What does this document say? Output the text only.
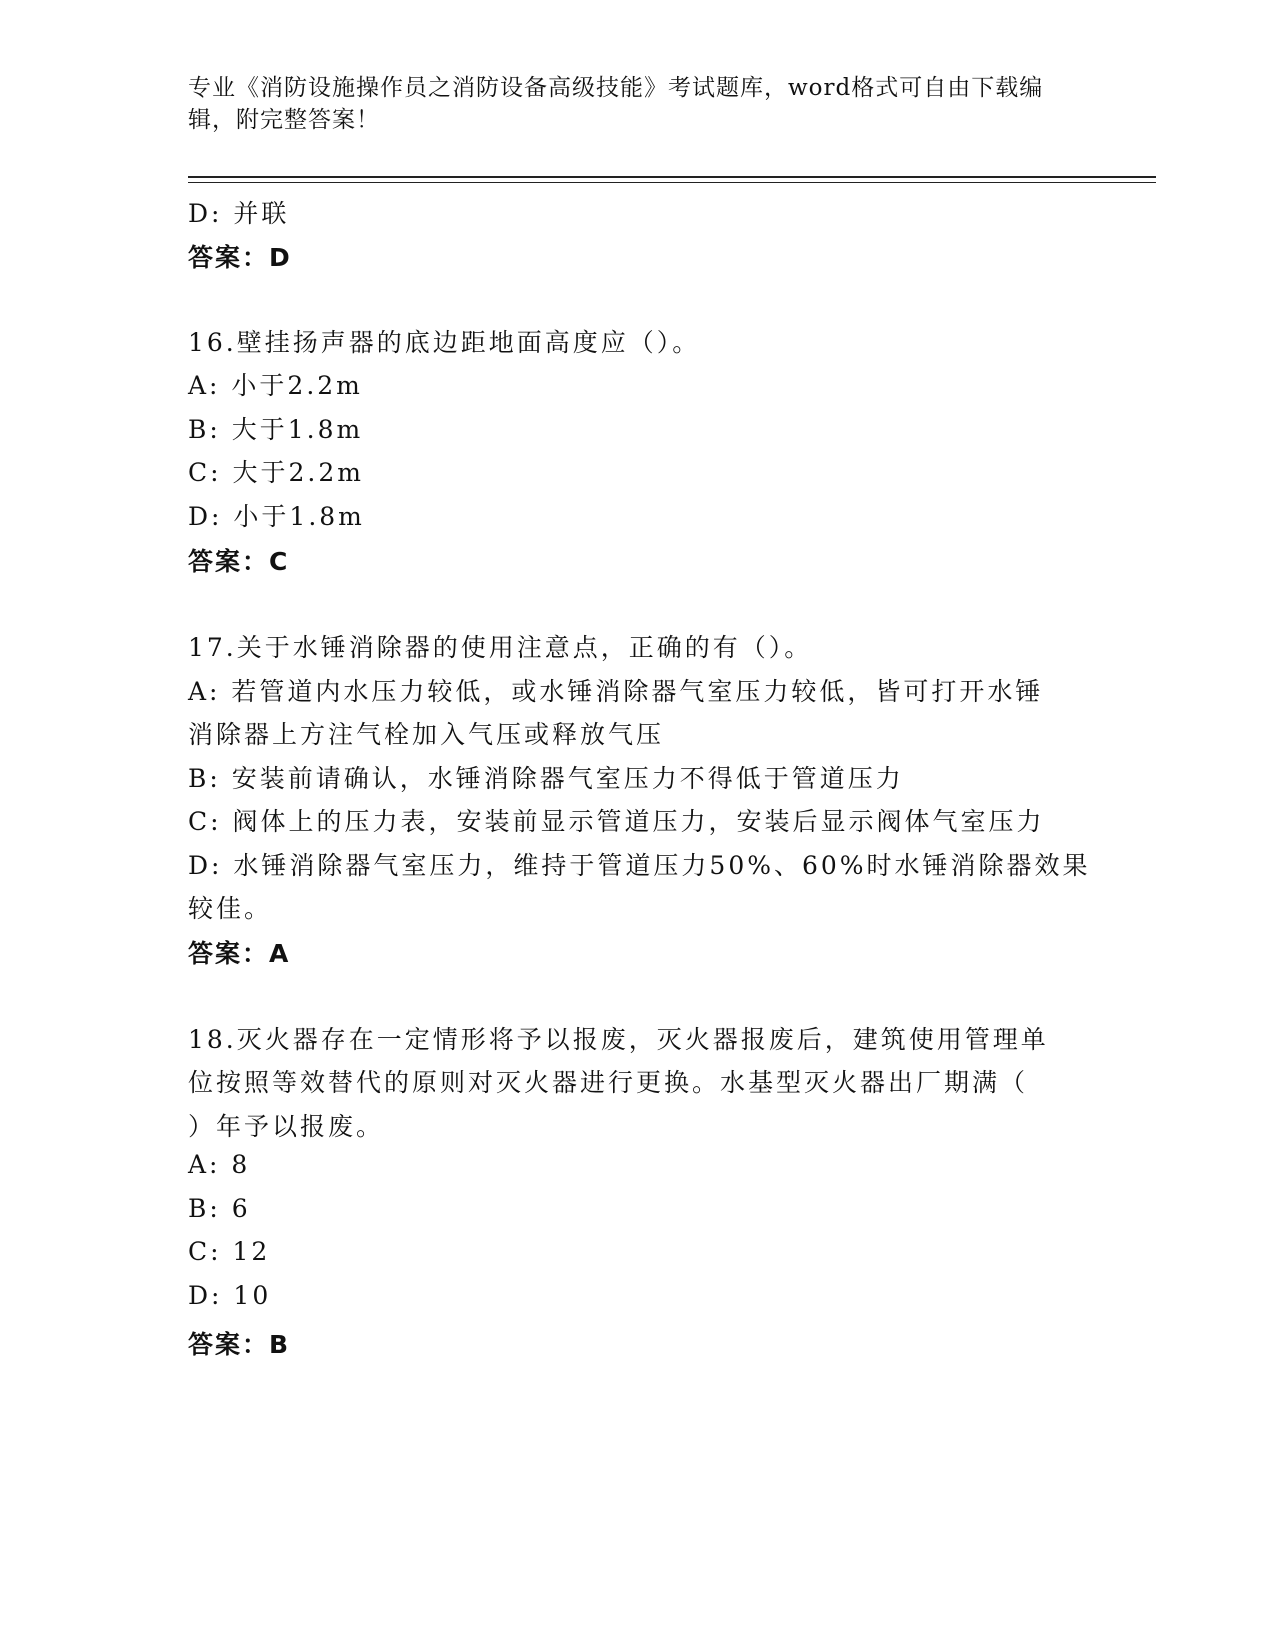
专业《消防设施操作员之消防设备高级技能》考试题库，word格式可自由下载编
辑，附完整答案！
D: 并联
答案：D
16.壁挂扬声器的底边距地面高度应（）。
A: 小于2.2m
B: 大于1.8m
C: 大于2.2m
D: 小于1.8m
答案：C
17.关于水锤消除器的使用注意点，正确的有（）。
A: 若管道内水压力较低，或水锤消除器气室压力较低，皆可打开水锤
消除器上方注气栓加入气压或释放气压
B: 安装前请确认，水锤消除器气室压力不得低于管道压力
C: 阀体上的压力表，安装前显示管道压力，安装后显示阀体气室压力
D: 水锤消除器气室压力，维持于管道压力50%、60%时水锤消除器效果
较佳。
答案：A
18.灭火器存在一定情形将予以报废，灭火器报废后，建筑使用管理单
位按照等效替代的原则对灭火器进行更换。水基型灭火器出厂期满（
）年予以报废。
A: 8
B: 6
C: 12
D: 10
答案：B
